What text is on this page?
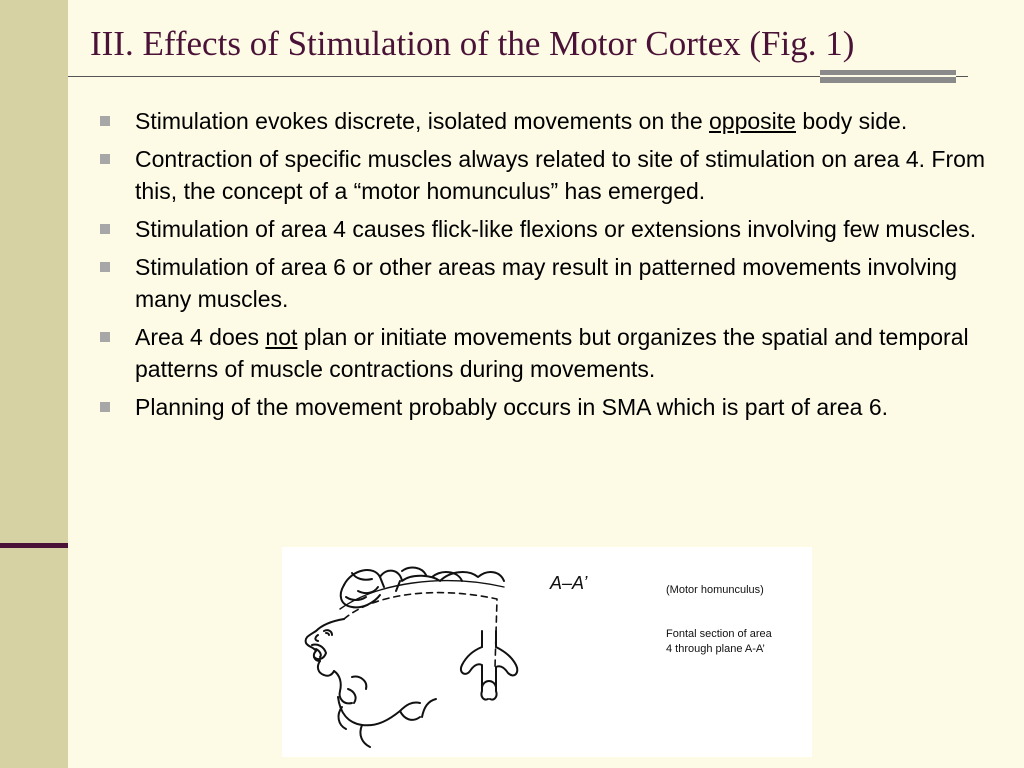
III. Effects of Stimulation of the Motor Cortex (Fig. 1)
Stimulation evokes discrete, isolated movements on the opposite body side.
Contraction of specific muscles always related to site of stimulation on area 4. From this, the concept of a “motor homunculus” has emerged.
Stimulation of area 4 causes flick-like flexions or extensions involving few muscles.
Stimulation of area 6 or other areas may result in patterned movements involving many muscles.
Area 4 does not plan or initiate movements but organizes the spatial and temporal patterns of muscle contractions during movements.
Planning of the movement probably occurs in SMA which is part of area 6.
A–A’	(Motor homunculus)
Fontal section of area
4 through plane A-A’
